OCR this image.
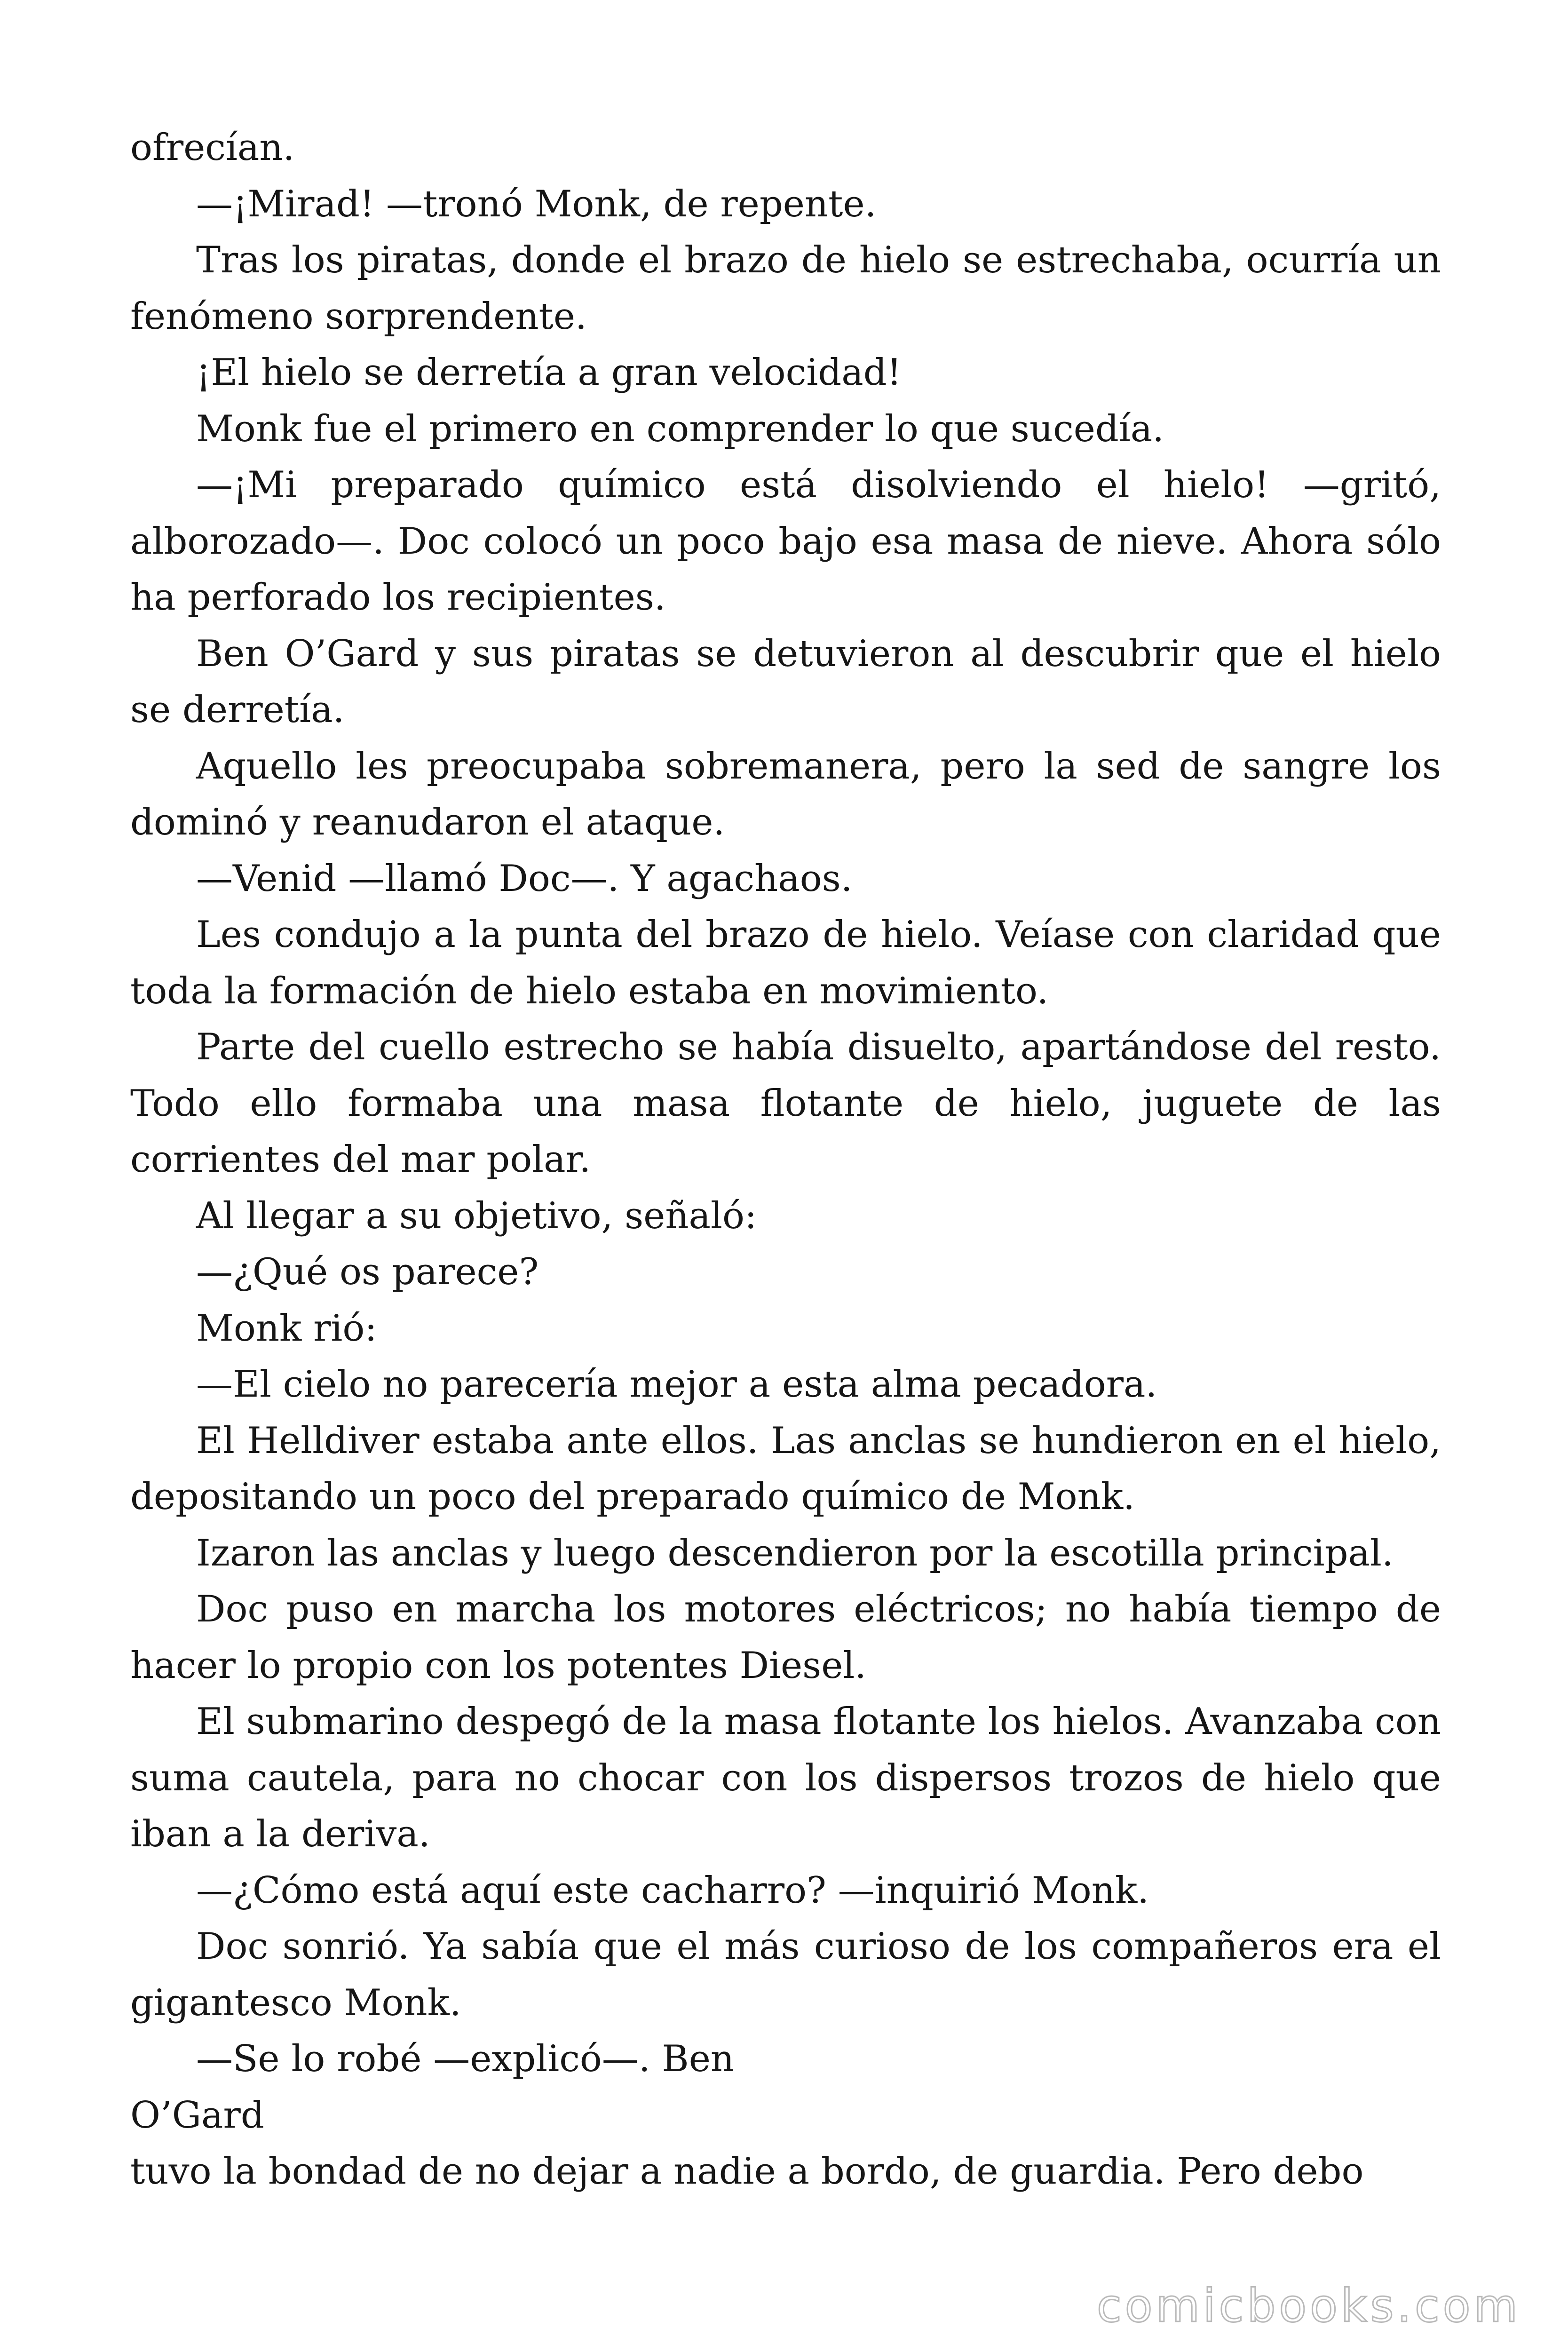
ofrecían.

—¡Mirad! —tronó Monk, de repente.

Tras los piratas, donde el brazo de hielo se estrechaba, ocurría un fenómeno sorprendente.

¡El hielo se derretía a gran velocidad!

Monk fue el primero en comprender lo que sucedía.

—¡Mi preparado químico está disolviendo el hielo! —gritó, alborozado—. Doc colocó un poco bajo esa masa de nieve. Ahora sólo ha perforado los recipientes.

Ben O’Gard y sus piratas se detuvieron al descubrir que el hielo se derretía.

Aquello les preocupaba sobremanera, pero la sed de sangre los dominó y reanudaron el ataque.

—Venid —llamó Doc—. Y agachaos.

Les condujo a la punta del brazo de hielo. Veíase con claridad que toda la formación de hielo estaba en movimiento.

Parte del cuello estrecho se había disuelto, apartándose del resto. Todo ello formaba una masa flotante de hielo, juguete de las corrientes del mar polar.

Al llegar a su objetivo, señaló:

—¿Qué os parece?

Monk rió:

—El cielo no parecería mejor a esta alma pecadora.

El Helldiver estaba ante ellos. Las anclas se hundieron en el hielo, depositando un poco del preparado químico de Monk.

Izaron las anclas y luego descendieron por la escotilla principal.

Doc puso en marcha los motores eléctricos; no había tiempo de hacer lo propio con los potentes Diesel.

El submarino despegó de la masa flotante los hielos. Avanzaba con suma cautela, para no chocar con los dispersos trozos de hielo que iban a la deriva.

—¿Cómo está aquí este cacharro? —inquirió Monk.

Doc sonrió. Ya sabía que el más curioso de los compañeros era el gigantesco Monk.

—Se lo robé —explicó—. Ben

O’Gard

tuvo la bondad de no dejar a nadie a bordo, de guardia. Pero debo

comicbooks.com
